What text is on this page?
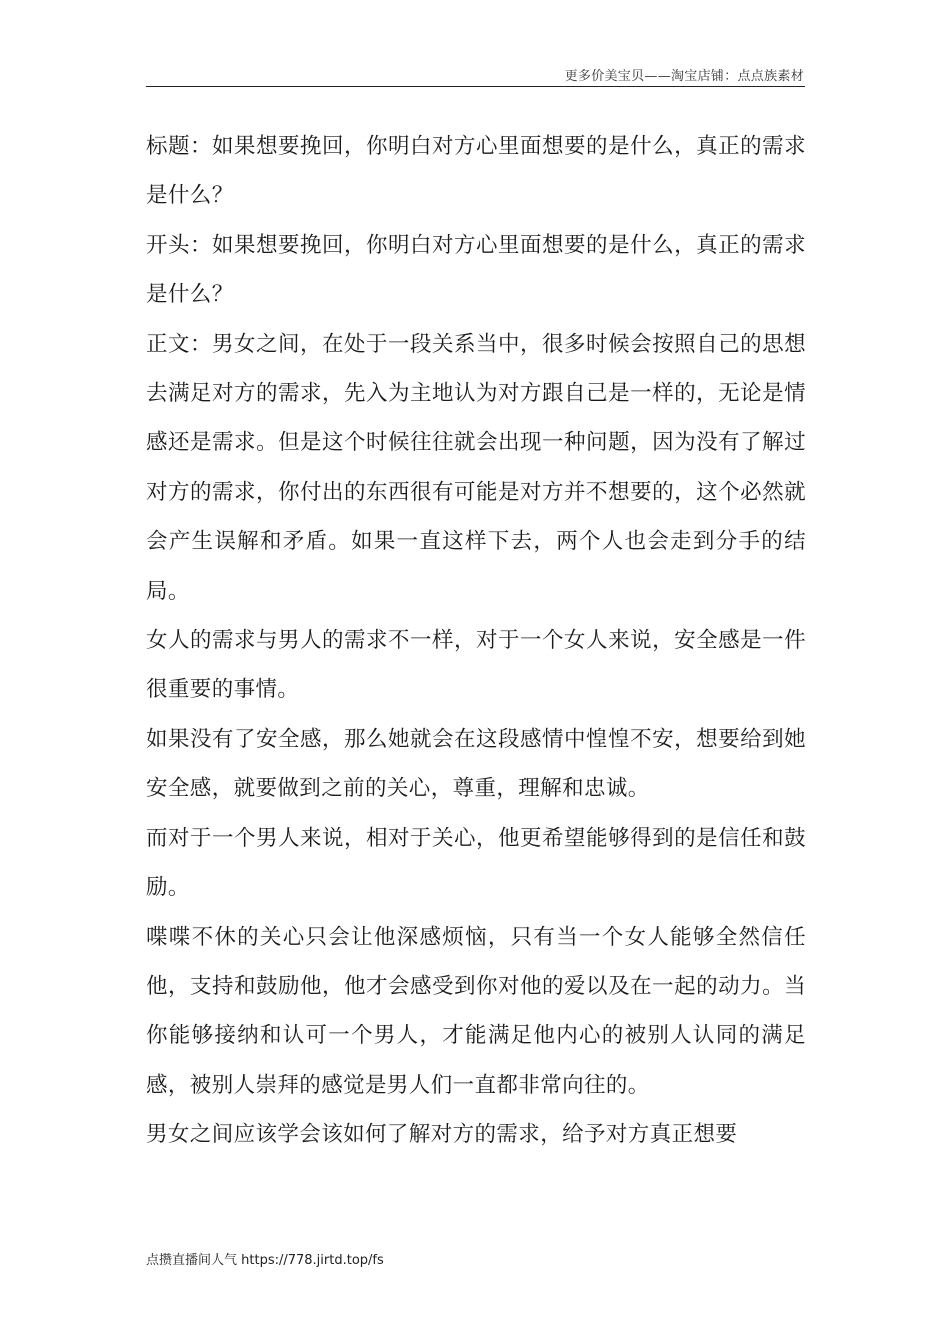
更多价美宝贝——淘宝店铺：点点族素材

标题：如果想要挽回，你明白对方心里面想要的是什么，真正的需求是什么？

开头：如果想要挽回，你明白对方心里面想要的是什么，真正的需求是什么？

正文：男女之间，在处于一段关系当中，很多时候会按照自己的思想去满足对方的需求，先入为主地认为对方跟自己是一样的，无论是情感还是需求。但是这个时候往往就会出现一种问题，因为没有了解过对方的需求，你付出的东西很有可能是对方并不想要的，这个必然就会产生误解和矛盾。如果一直这样下去，两个人也会走到分手的结局。

女人的需求与男人的需求不一样，对于一个女人来说，安全感是一件很重要的事情。

如果没有了安全感，那么她就会在这段感情中惶惶不安，想要给到她安全感，就要做到之前的关心，尊重，理解和忠诚。

而对于一个男人来说，相对于关心，他更希望能够得到的是信任和鼓励。

喋喋不休的关心只会让他深感烦恼，只有当一个女人能够全然信任他，支持和鼓励他，他才会感受到你对他的爱以及在一起的动力。当你能够接纳和认可一个男人，才能满足他内心的被别人认同的满足感，被别人崇拜的感觉是男人们一直都非常向往的。

男女之间应该学会该如何了解对方的需求，给予对方真正想要

点攒直播间人气 https://778.jirtd.top/fs
